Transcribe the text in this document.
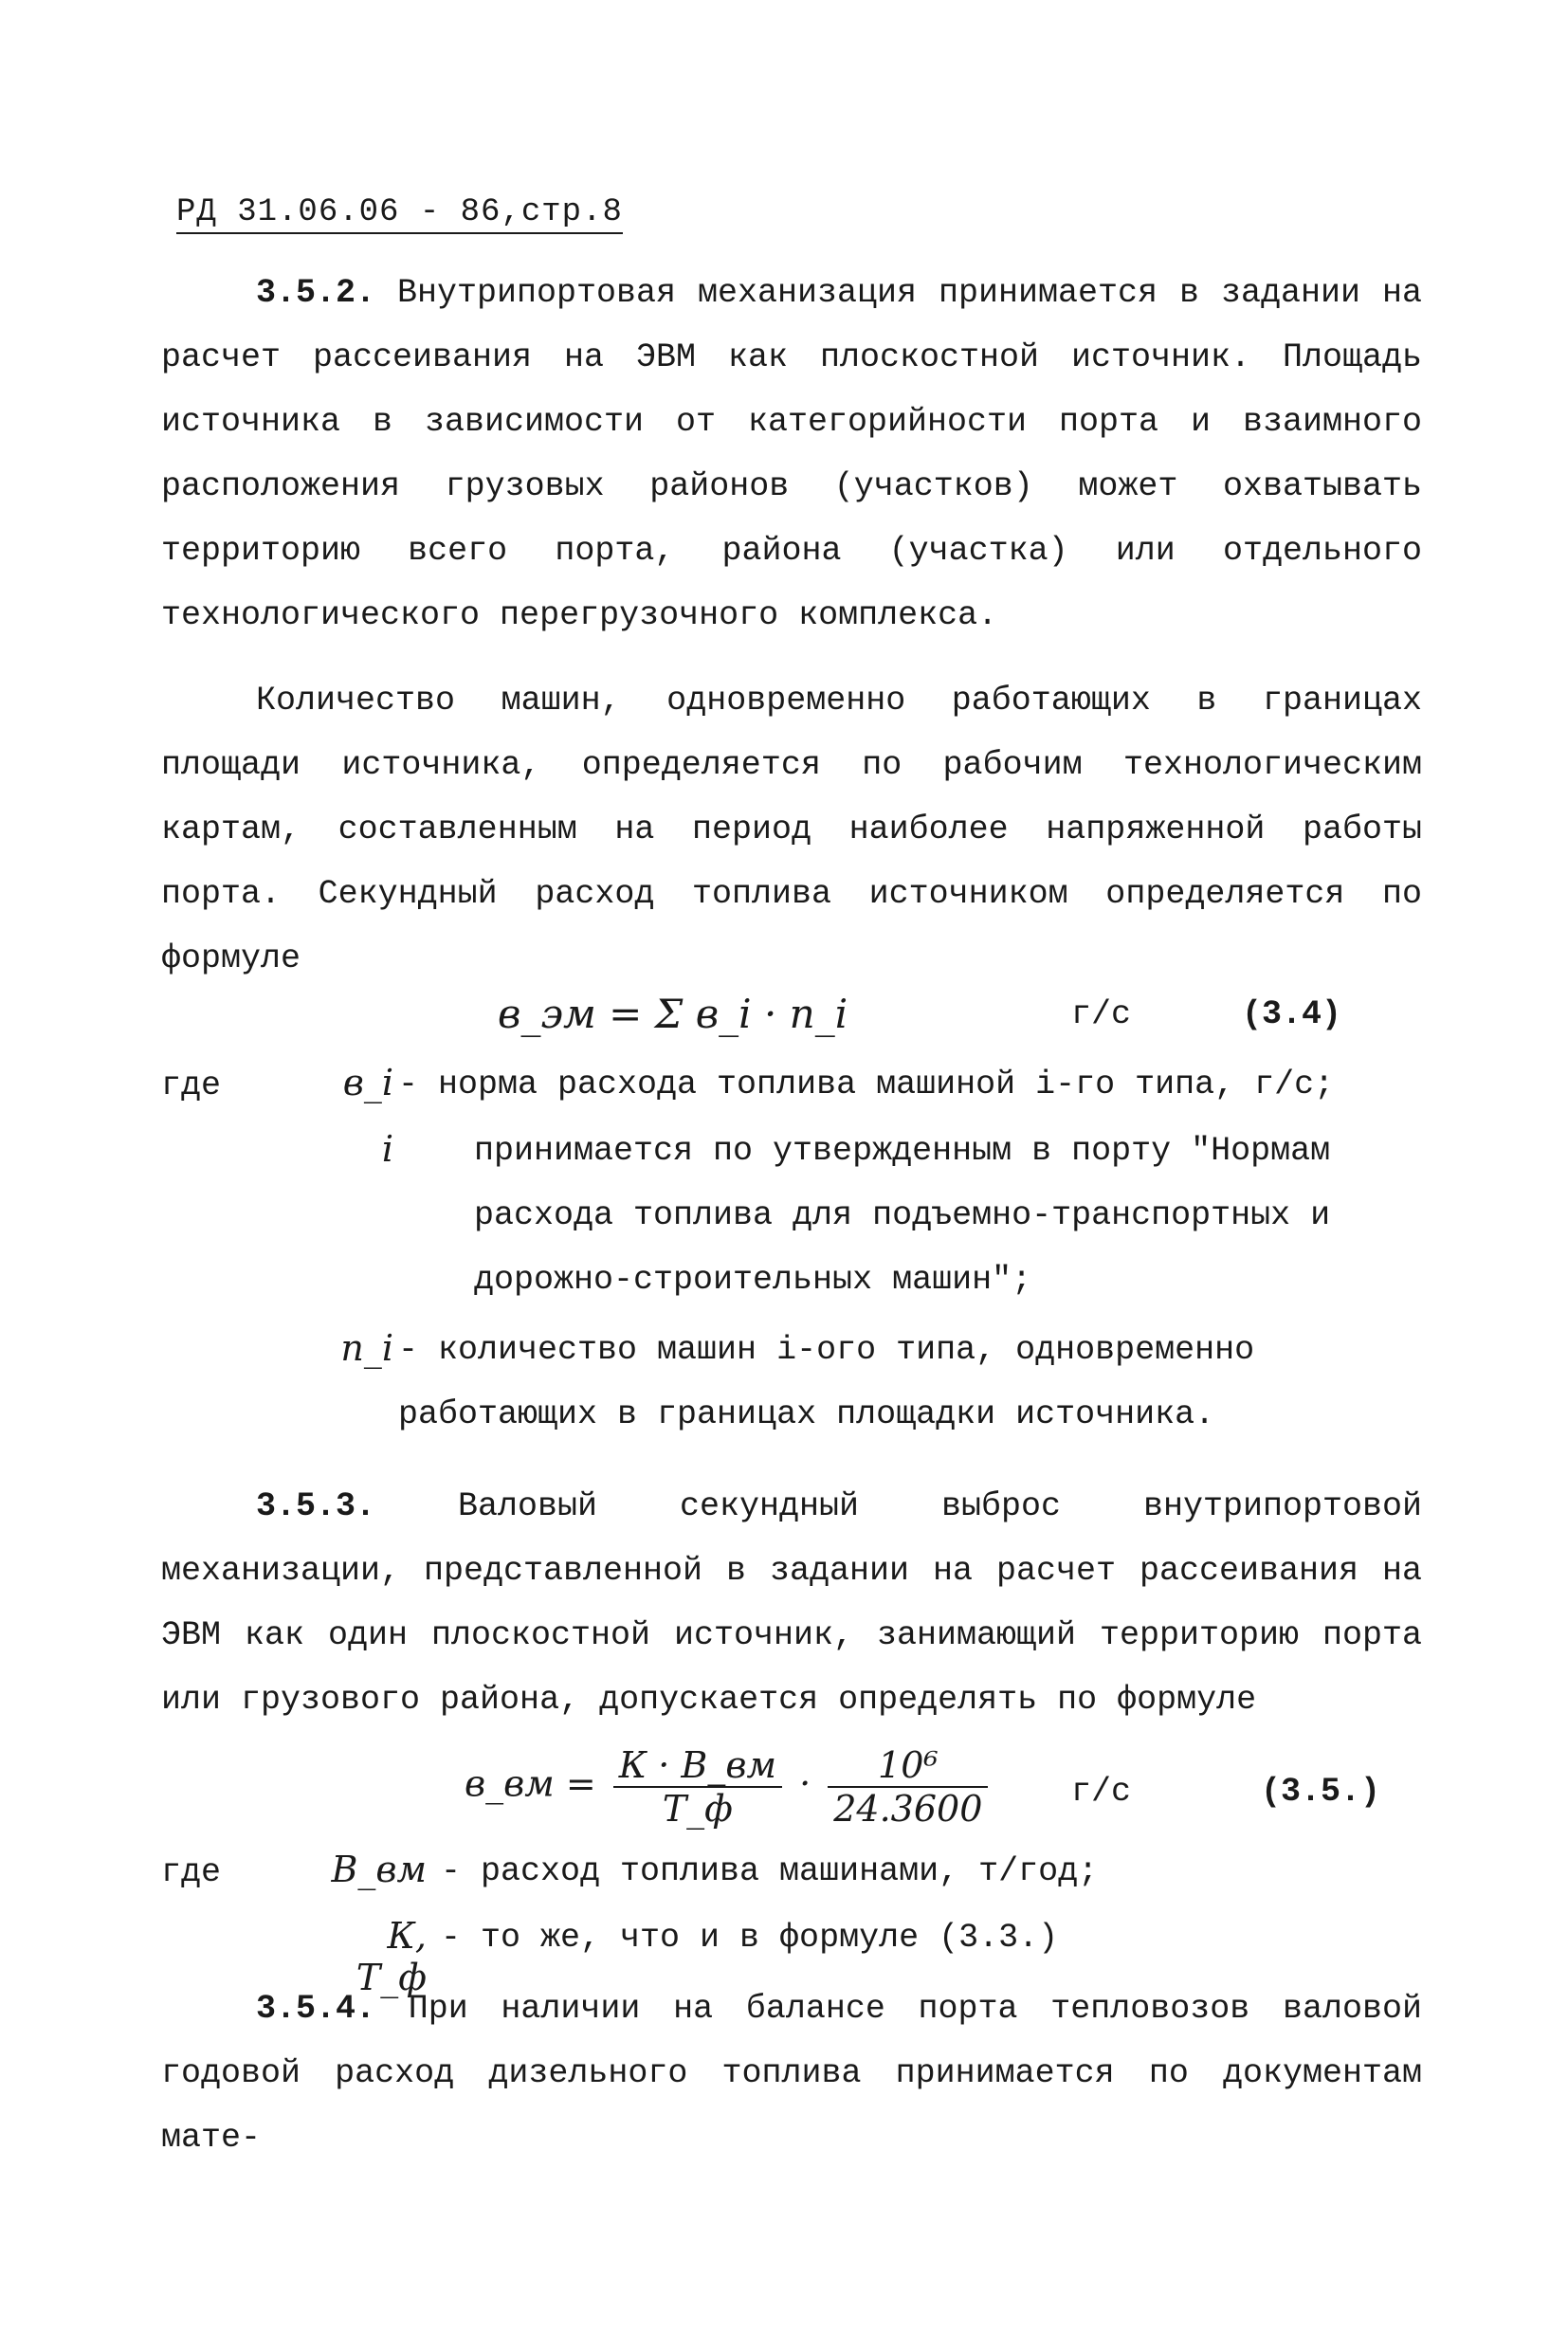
РД 31.06.06 - 86,стр.8
3.5.2. Внутрипортовая механизация принимается в задании на расчет рассеивания на ЭВМ как плоскостной источник. Площадь источника в зависимости от категорийности порта и взаимного расположения грузовых районов (участков) может охватывать территорию всего порта, района (участка) или отдельного технологического перегрузочного комплекса.
Количество машин, одновременно работающих в границах площади источника, определяется по рабочим технологическим картам, составленным на период наиболее напряженной работы порта. Секундный расход топлива источником определяется по формуле
в_эм = Σ в_i · n_i	г/с	(3.4)
где	в_i - норма расхода топлива машиной i-го типа, г/с;
i принимается по утвержденным в порту "Нормам расхода топлива для подъемно-транспортных и дорожно-строительных машин";
n_i - количество машин i-ого типа, одновременно работающих в границах площадки источника.
3.5.3. Валовый секундный выброс внутрипортовой механизации, представленной в задании на расчет рассеивания на ЭВМ как один плоскостной источник, занимающий территорию порта или грузового района, допускается определять по формуле
в_вм = $\frac{К \cdot В\_вм}{Т\_ф} \cdot \frac{\text{10⁶}}{24.3600}$	г/с	(3.5.)
где	В_вм - расход топлива машинами, т/год;
К, Т_ф
- то же, что и в формуле (3.3.)
3.5.4. При наличии на балансе порта тепловозов валовой годовой расход дизельного топлива принимается по документам мате-
